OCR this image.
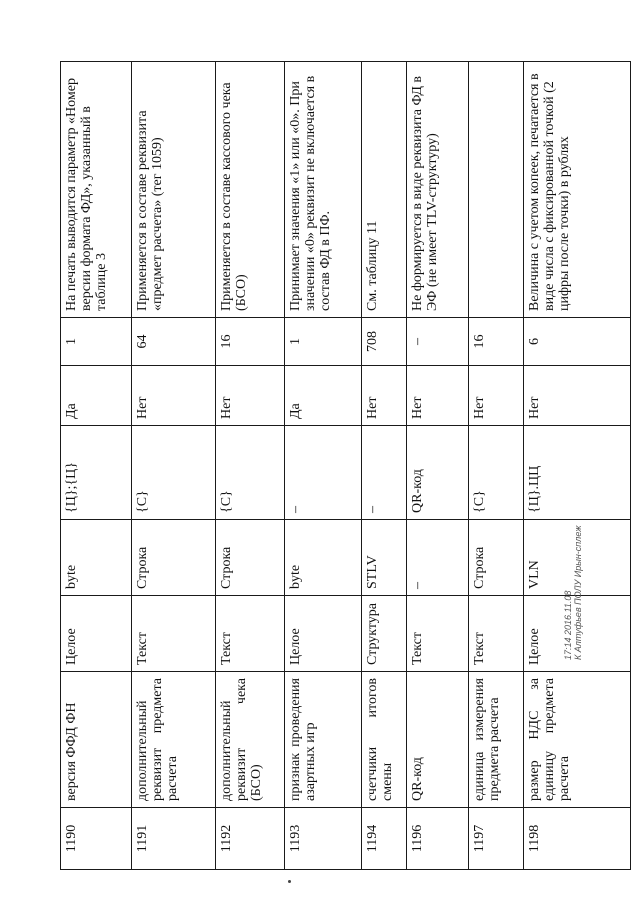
1190	версия ФФД ФН	Целое	byte	{Ц};{Ц}	Да	1	На печать выводится параметр «Номер версии формата ФД», указанный в таблице 3
1191	дополнительный реквизит предмета расчета	Текст	Строка	{С}	Нет	64	Применяется в составе реквизита «предмет расчета» (тег 1059)
1192	дополнительный реквизит чека (БСО)	Текст	Строка	{С}	Нет	16	Применяется в составе кассового чека (БСО)
1193	признак проведения азартных игр	Целое	byte	–	Да	1	Принимает значения «1» или «0». При значении «0» реквизит не включается в состав ФД в ПФ.
1194	счетчики итогов смены	Структура	STLV	–	Нет	708	См. таблицу 11
1196	QR-код	Текст	–	QR-код	Нет	–	Не формируется в виде реквизита ФД в ЭФ (не имеет TLV-структуру)
1197	единица измерения предмета расчета	Текст	Строка	{С}	Нет	16	
1198	размер НДС за единицу предмета расчета	Целое	VLN	{Ц}.ЦЦ	Нет	6	Величина с учетом копеек, печатается в виде числа с фиксированной точкой (2 цифры после точки) в рублях
17:14 2016.11.08 К Алтуфьев ПОЛУ Ирын-сплеж
